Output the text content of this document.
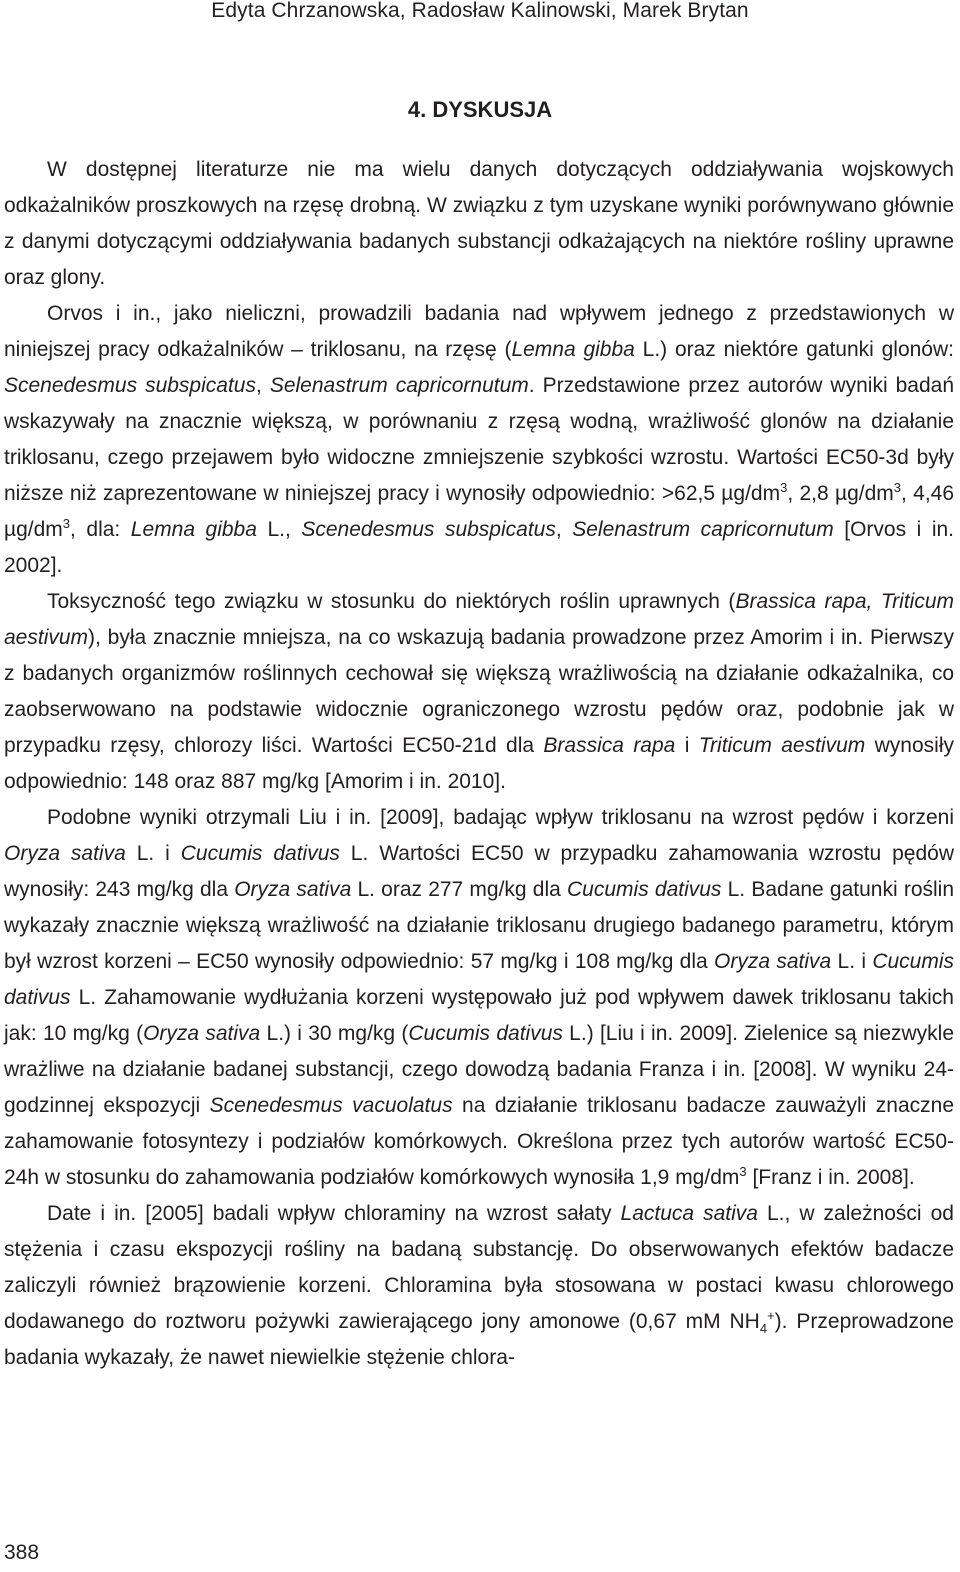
Edyta Chrzanowska, Radosław Kalinowski, Marek Brytan
4. DYSKUSJA

W dostępnej literaturze nie ma wielu danych dotyczących oddziaływania wojskowych odkażalników proszkowych na rzęsę drobną. W związku z tym uzyskane wyniki porównywano głównie z danymi dotyczącymi oddziaływania badanych substancji odkażających na niektóre rośliny uprawne oraz glony.

Orvos i in., jako nieliczni, prowadzili badania nad wpływem jednego z przedstawionych w niniejszej pracy odkażalników – triklosanu, na rzęsę (Lemna gibba L.) oraz niektóre gatunki glonów: Scenedesmus subspicatus, Selenastrum capricornutum. Przedstawione przez autorów wyniki badań wskazywały na znacznie większą, w porównaniu z rzęsą wodną, wrażliwość glonów na działanie triklosanu, czego przejawem było widoczne zmniejszenie szybkości wzrostu. Wartości EC50-3d były niższe niż zaprezentowane w niniejszej pracy i wynosiły odpowiednio: >62,5 $\mu g/dm^3$, 2,8 $\mu g/dm^3$, 4,46 $\mu g/dm^3$, dla: Lemna gibba L., Scenedesmus subspicatus, Selenastrum capricornutum [Orvos i in. 2002].

Toksyczność tego związku w stosunku do niektórych roślin uprawnych (Brassica rapa, Triticum aestivum), była znacznie mniejsza, na co wskazują badania prowadzone przez Amorim i in. Pierwszy z badanych organizmów roślinnych cechował się większą wrażliwością na działanie odkażalnika, co zaobserwowano na podstawie widocznie ograniczonego wzrostu pędów oraz, podobnie jak w przypadku rzęsy, chlorozy liści. Wartości EC50-21d dla Brassica rapa i Triticum aestivum wynosiły odpowiednio: 148 oraz 887 mg/kg [Amorim i in. 2010].

Podobne wyniki otrzymali Liu i in. [2009], badając wpływ triklosanu na wzrost pędów i korzeni Oryza sativa L. i Cucumis dativus L. Wartości EC50 w przypadku zahamowania wzrostu pędów wynosiły: 243 mg/kg dla Oryza sativa L. oraz 277 mg/kg dla Cucumis dativus L. Badane gatunki roślin wykazały znacznie większą wrażliwość na działanie triklosanu drugiego badanego parametru, którym był wzrost korzeni – EC50 wynosiły odpowiednio: 57 mg/kg i 108 mg/kg dla Oryza sativa L. i Cucumis dativus L. Zahamowanie wydłużania korzeni występowało już pod wpływem dawek triklosanu takich jak: 10 mg/kg (Oryza sativa L.) i 30 mg/kg (Cucumis dativus L.) [Liu i in. 2009]. Zielenice są niezwykle wrażliwe na działanie badanej substancji, czego dowodzą badania Franza i in. [2008]. W wyniku 24-godzinnej ekspozycji Scenedesmus vacuolatus na działanie triklosanu badacze zauważyli znaczne zahamowanie fotosyntezy i podziałów komórkowych. Określona przez tych autorów wartość EC50-24h w stosunku do zahamowania podziałów komórkowych wynosiła 1,9 $mg/dm^3$ [Franz i in. 2008].

Date i in. [2005] badali wpływ chloraminy na wzrost sałaty Lactuca sativa L., w zależności od stężenia i czasu ekspozycji rośliny na badaną substancję. Do obserwowanych efektów badacze zaliczyli również brązowienie korzeni. Chloramina była stosowana w postaci kwasu chlorowego dodawanego do roztworu pożywki zawierającego jony amonowe (0,67 mM $NH_4^+$). Przeprowadzone badania wykazały, że nawet niewielkie stężenie chlora-

388
